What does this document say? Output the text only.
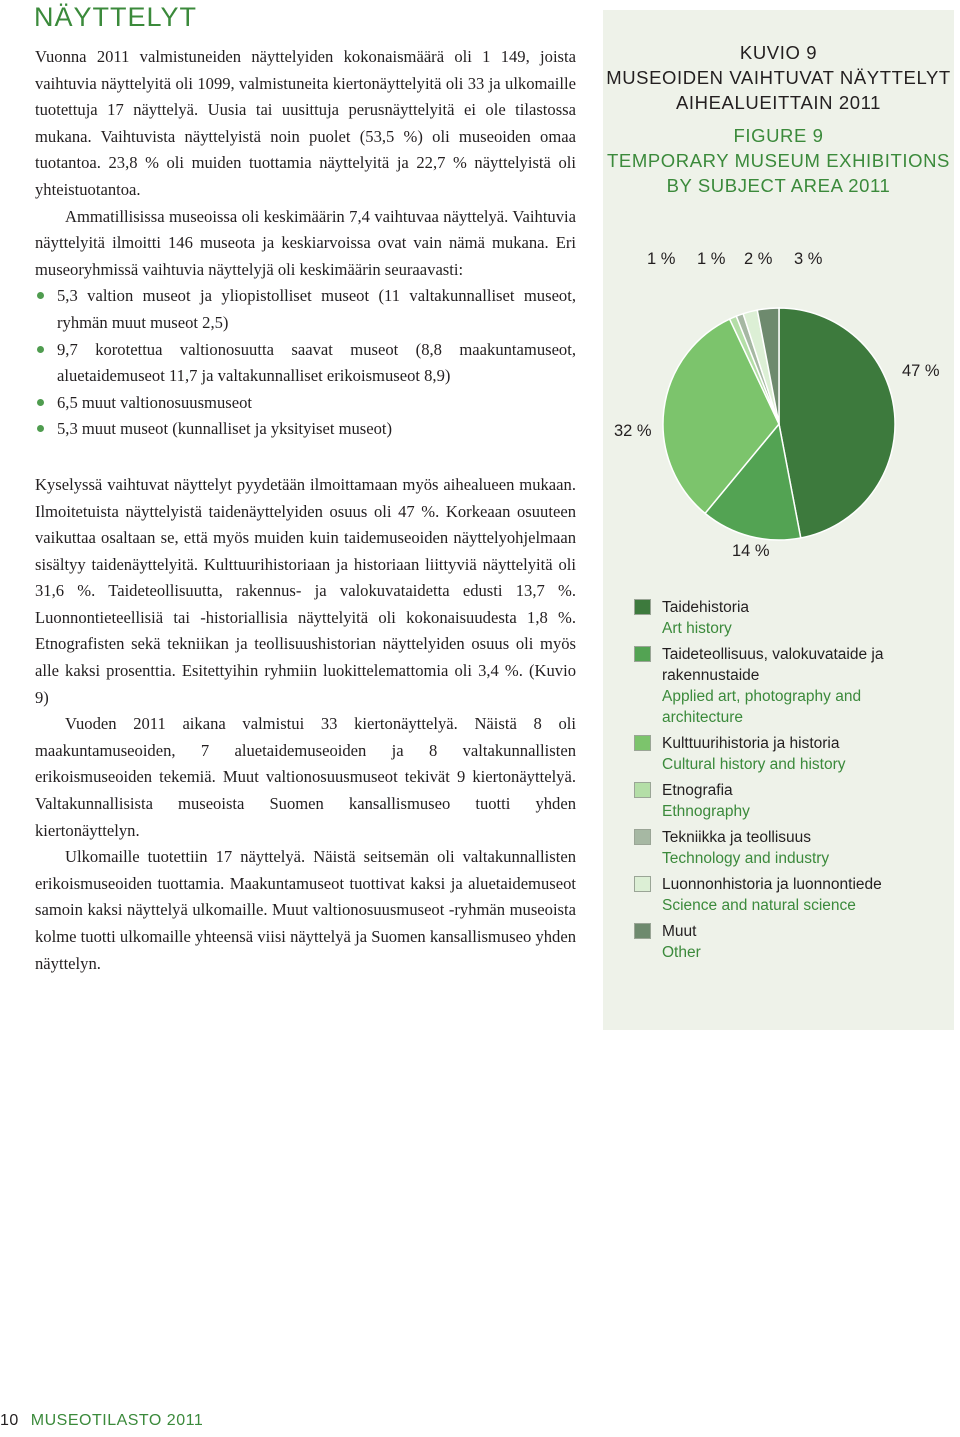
NÄYTTELYT

Vuonna 2011 valmistuneiden näyttelyiden kokonaismäärä oli 1 149, joista vaihtuvia näyttelyitä oli 1099, valmistuneita kiertonäyttelyitä oli 33 ja ulkomaille tuotettuja 17 näyttelyä. Uusia tai uusittuja perusnäyttelyitä ei ole tilastossa mukana. Vaihtuvista näyttelyistä noin puolet (53,5 %) oli museoiden omaa tuotantoa. 23,8 % oli muiden tuottamia näyttelyitä ja 22,7 % näyttelyistä oli yhteistuotantoa.

Ammatillisissa museoissa oli keskimäärin 7,4 vaihtuvaa näyttelyä. Vaihtuvia näyttelyitä ilmoitti 146 museota ja keskiarvoissa ovat vain nämä mukana. Eri museoryhmissä vaihtuvia näyttelyjä oli keskimäärin seuraavasti:

5,3 valtion museot ja yliopistolliset museot (11 valtakunnalliset museot, ryhmän muut museot 2,5)
9,7 korotettua valtionosuutta saavat museot (8,8 maakuntamuseot, aluetaidemuseot 11,7 ja valtakunnalliset erikoismuseot 8,9)
6,5 muut valtionosuusmuseot
5,3 muut museot (kunnalliset ja yksityiset museot)

Kyselyssä vaihtuvat näyttelyt pyydetään ilmoittamaan myös aihealueen mukaan. Ilmoitetuista näyttelyistä taidenäyttelyiden osuus oli 47 %. Korkeaan osuuteen vaikuttaa osaltaan se, että myös muiden kuin taidemuseoiden näyttelyohjelmaan sisältyy taidenäyttelyitä. Kulttuurihistoriaan ja historiaan liittyviä näyttelyitä oli 31,6 %. Taideteollisuutta, rakennus- ja valokuvataidetta edusti 13,7 %. Luonnontieteellisiä tai -historiallisia näyttelyitä oli kokonaisuudesta 1,8 %. Etnografisten sekä tekniikan ja teollisuushistorian näyttelyiden osuus oli myös alle kaksi prosenttia. Esitettyihin ryhmiin luokittelemattomia oli 3,4 %. (Kuvio 9)

Vuoden 2011 aikana valmistui 33 kiertonäyttelyä. Näistä 8 oli maakuntamuseoiden, 7 aluetaidemuseoiden ja 8 valtakunnallisten erikoismuseoiden tekemiä. Muut valtionosuusmuseot tekivät 9 kiertonäyttelyä. Valtakunnallisista museoista Suomen kansallismuseo tuotti yhden kiertonäyttelyn.

Ulkomaille tuotettiin 17 näyttelyä. Näistä seitsemän oli valtakunnallisten erikoismuseoiden tuottamia. Maakuntamuseot tuottivat kaksi ja aluetaidemuseot samoin kaksi näyttelyä ulkomaille. Muut valtionosuusmuseot -ryhmän museoista kolme tuotti ulkomaille yhteensä viisi näyttelyä ja Suomen kansallismuseo yhden näyttelyn.

KUVIO 9
MUSEOIDEN VAIHTUVAT NÄYTTELYT
AIHEALUEITTAIN 2011
FIGURE 9
TEMPORARY MUSEUM EXHIBITIONS
BY SUBJECT AREA 2011
1 % 1 % 2 % 3 %
47 %
32 %
14 %
Taidehistoria
Art history
Taideteollisuus, valokuvataide ja rakennustaide
Applied art, photography and architecture
Kulttuurihistoria ja historia
Cultural history and history
Etnografia
Ethnography
Tekniikka ja teollisuus
Technology and industry
Luonnonhistoria ja luonnontiede
Science and natural science
Muut
Other
10 MUSEOTILASTO 2011
